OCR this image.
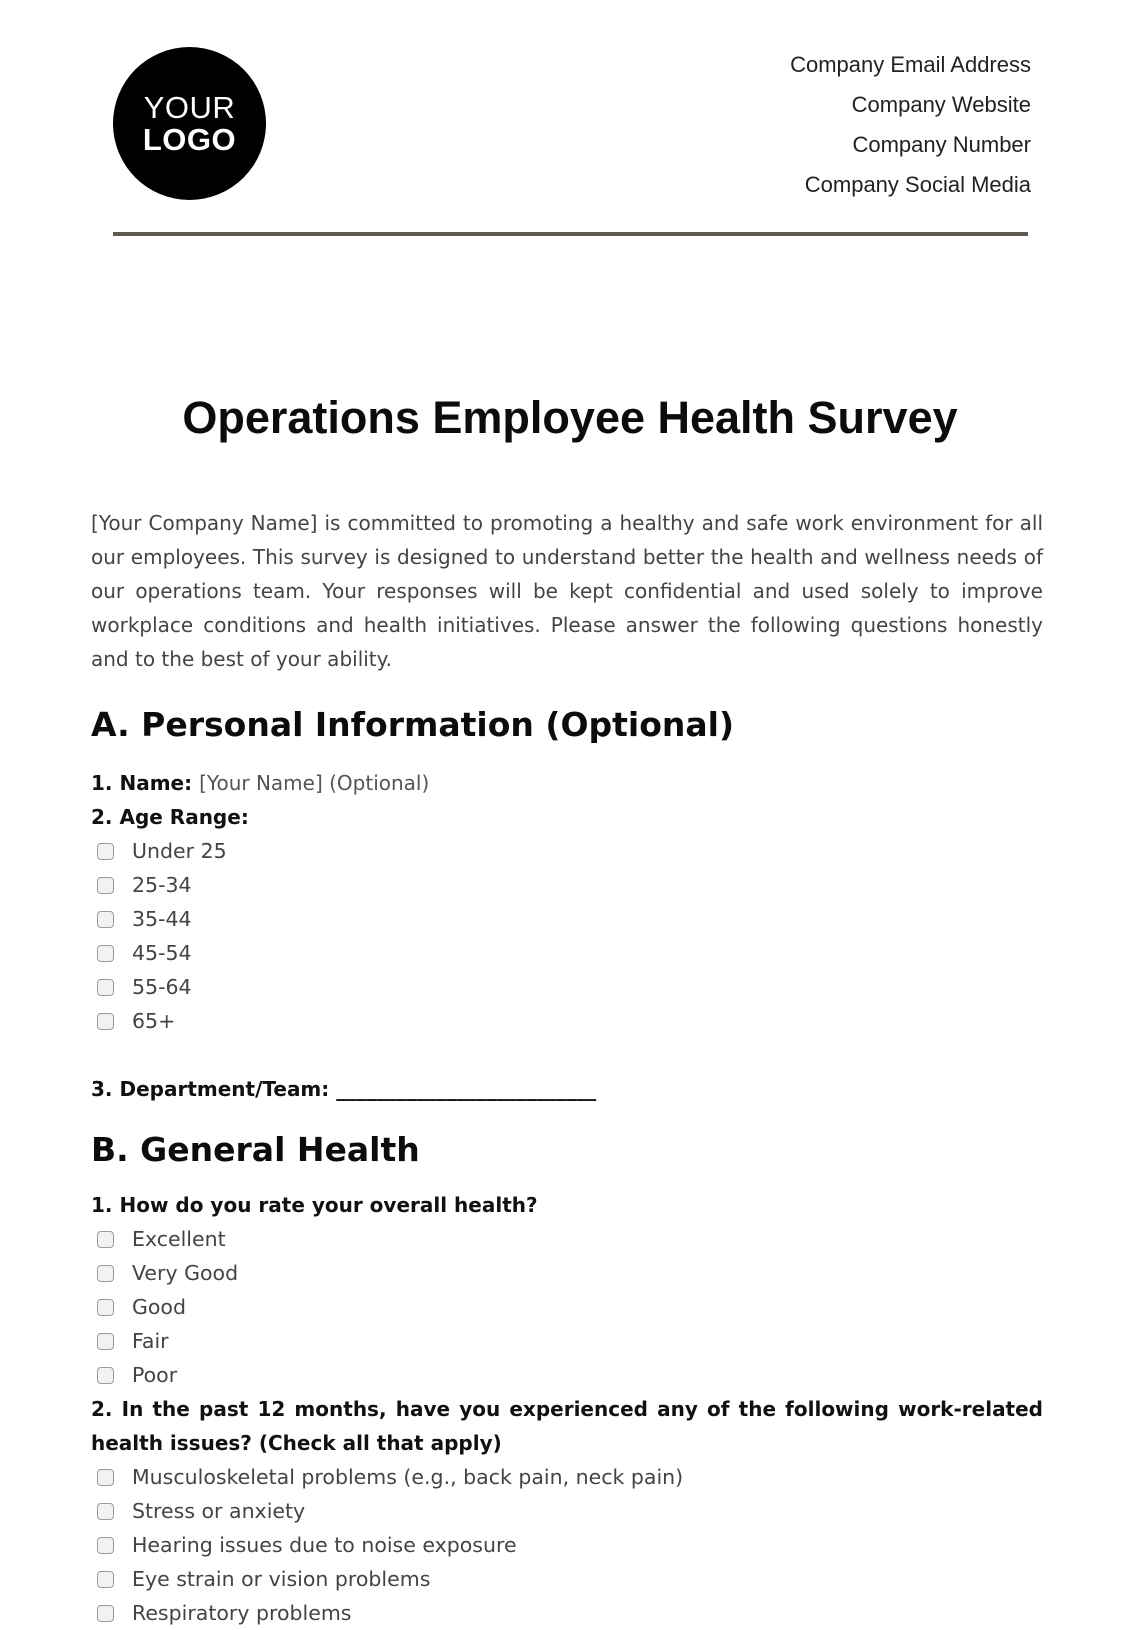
YOUR
LOGO
Company Email Address
Company Website
Company Number
Company Social Media
Operations Employee Health Survey

[Your Company Name] is committed to promoting a healthy and safe work environment for all our employees. This survey is designed to understand better the health and wellness needs of our operations team. Your responses will be kept confidential and used solely to improve workplace conditions and health initiatives. Please answer the following questions honestly and to the best of your ability.

A. Personal Information (Optional)
1. Name: [Your Name] (Optional)
2. Age Range:
Under 25
25-34
35-44
45-54
55-64
65+
3. Department/Team: __________________________
B. General Health
1. How do you rate your overall health?
Excellent
Very Good
Good
Fair
Poor
2. In the past 12 months, have you experienced any of the following work-related health issues? (Check all that apply)
Musculoskeletal problems (e.g., back pain, neck pain)
Stress or anxiety
Hearing issues due to noise exposure
Eye strain or vision problems
Respiratory problems
